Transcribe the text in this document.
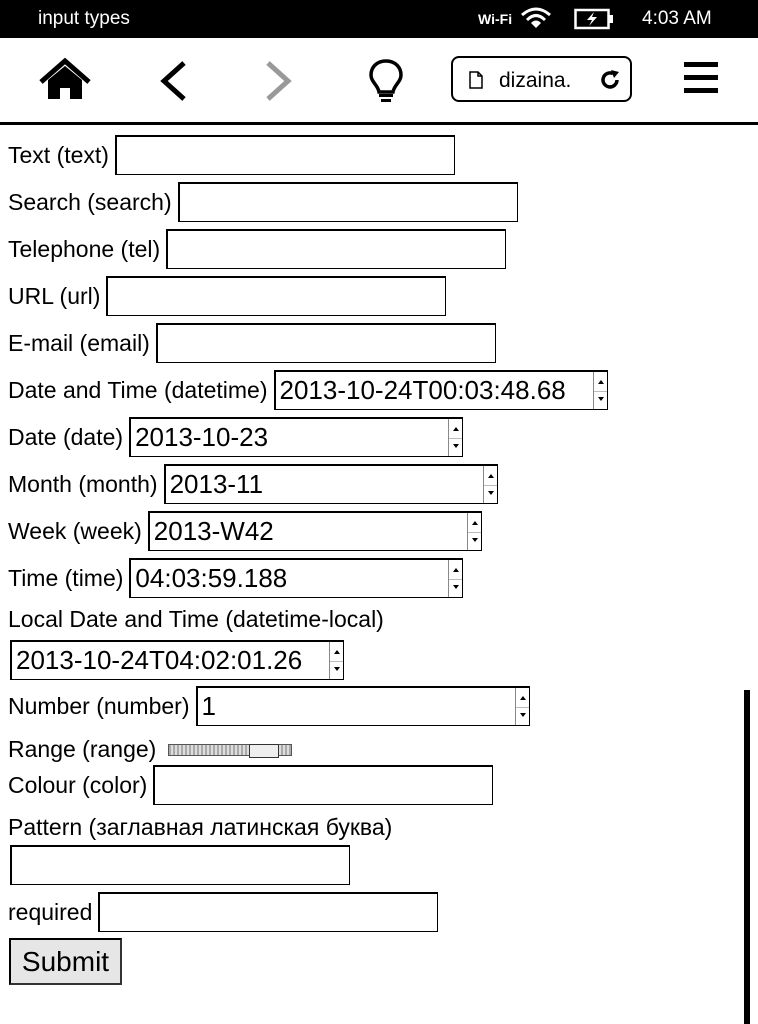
input types	Wi-Fi	4:03 AM
dizaina.
Text (text)
Search (search)
Telephone (tel)
URL (url)
E-mail (email)
Date and Time (datetime) 2013-10-24T00:03:48.68
Date (date) 2013-10-23
Month (month) 2013-11
Week (week) 2013-W42
Time (time) 04:03:59.188
Local Date and Time (datetime-local)
2013-10-24T04:02:01.26
Number (number) 1
Range (range)
Colour (color)
Pattern (заглавная латинская буква)
required
Submit
